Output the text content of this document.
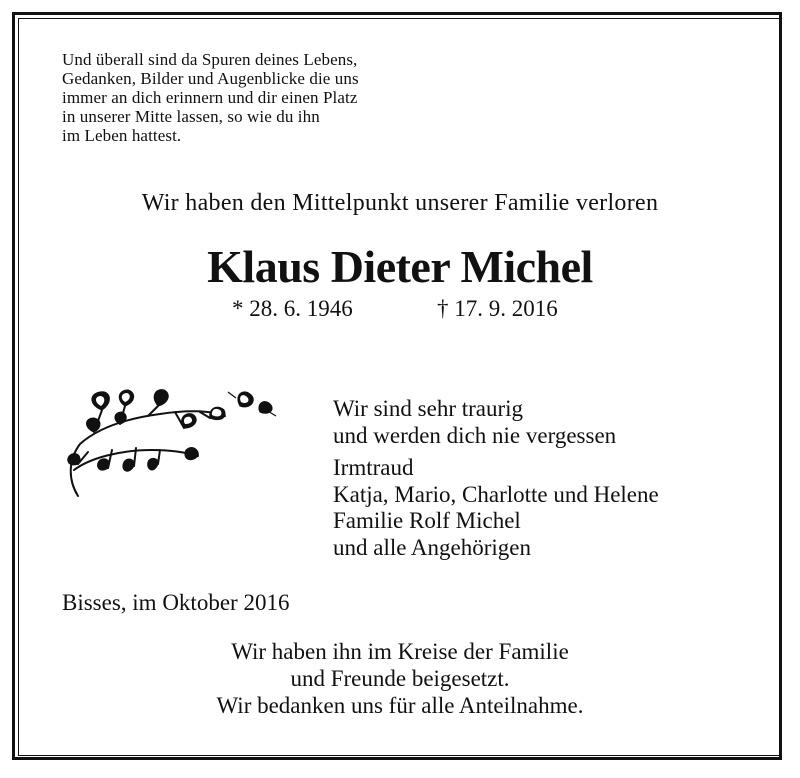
Und überall sind da Spuren deines Lebens,
Gedanken, Bilder und Augenblicke die uns
immer an dich erinnern und dir einen Platz
in unserer Mitte lassen, so wie du ihn
im Leben hattest.
Wir haben den Mittelpunkt unserer Familie verloren
Klaus Dieter Michel
* 28. 6. 1946	† 17. 9. 2016
Wir sind sehr traurig
und werden dich nie vergessen
Irmtraud
Katja, Mario, Charlotte und Helene
Familie Rolf Michel
und alle Angehörigen
Bisses, im Oktober 2016
Wir haben ihn im Kreise der Familie
und Freunde beigesetzt.
Wir bedanken uns für alle Anteilnahme.
